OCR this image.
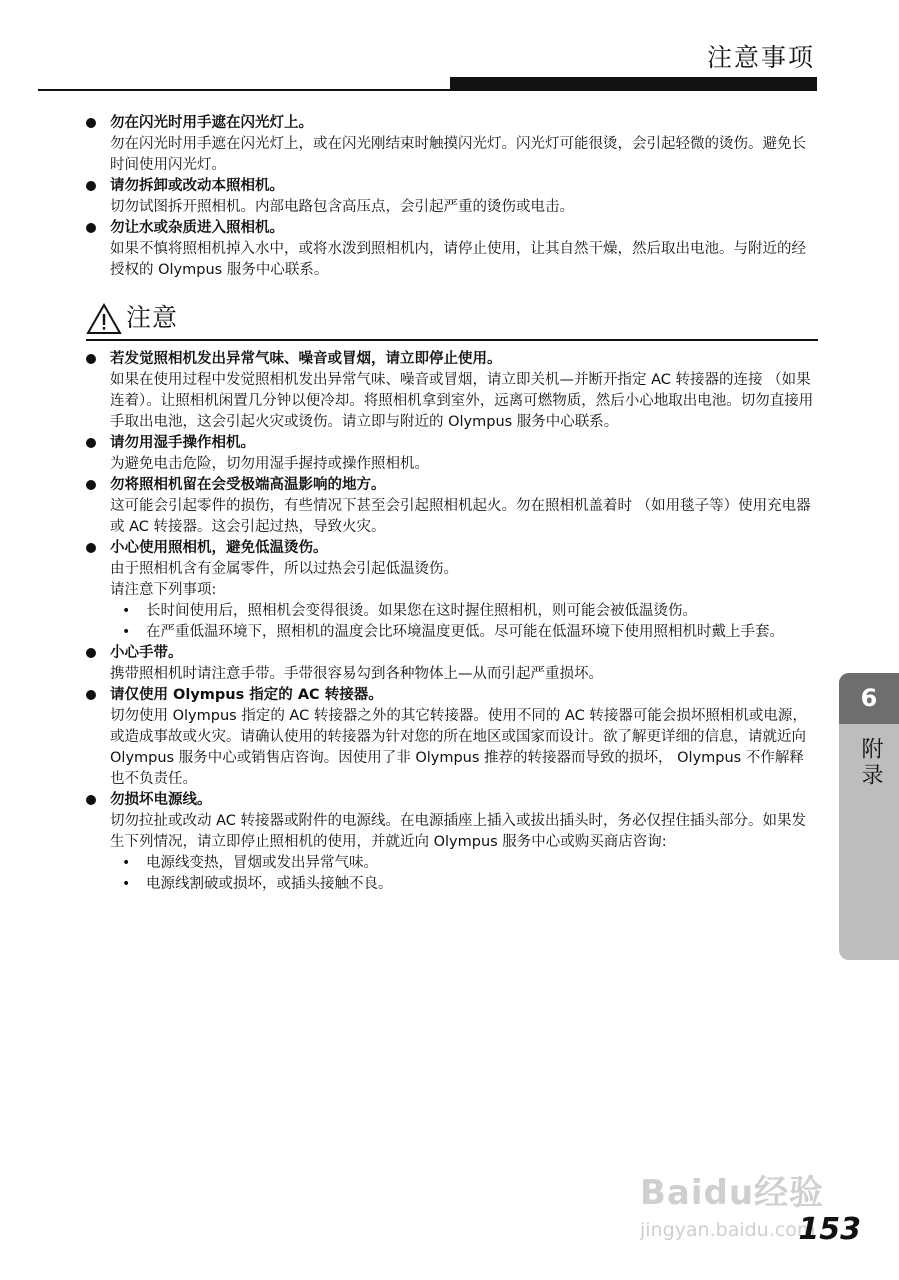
注意事项
勿在闪光时用手遮在闪光灯上。

勿在闪光时用手遮在闪光灯上，或在闪光刚结束时触摸闪光灯。闪光灯可能很烫，会引起轻微的烫伤。避免长时间使用闪光灯。

请勿拆卸或改动本照相机。

切勿试图拆开照相机。内部电路包含高压点，会引起严重的烫伤或电击。

勿让水或杂质进入照相机。

如果不慎将照相机掉入水中，或将水泼到照相机内，请停止使用，让其自然干燥，然后取出电池。与附近的经授权的 Olympus 服务中心联系。

注意
若发觉照相机发出异常气味、噪音或冒烟，请立即停止使用。

如果在使用过程中发觉照相机发出异常气味、噪音或冒烟，请立即关机—并断开指定 AC 转接器的连接 （如果连着）。让照相机闲置几分钟以便冷却。将照相机拿到室外，远离可燃物质，然后小心地取出电池。切勿直接用手取出电池，这会引起火灾或烫伤。请立即与附近的 Olympus 服务中心联系。

请勿用湿手操作相机。

为避免电击危险，切勿用湿手握持或操作照相机。

勿将照相机留在会受极端高温影响的地方。

这可能会引起零件的损伤，有些情况下甚至会引起照相机起火。勿在照相机盖着时 （如用毯子等）使用充电器或 AC 转接器。这会引起过热，导致火灾。

小心使用照相机，避免低温烫伤。

由于照相机含有金属零件，所以过热会引起低温烫伤。

请注意下列事项:

• 长时间使用后，照相机会变得很烫。如果您在这时握住照相机，则可能会被低温烫伤。
• 在严重低温环境下，照相机的温度会比环境温度更低。尽可能在低温环境下使用照相机时戴上手套。
小心手带。

携带照相机时请注意手带。手带很容易勾到各种物体上—从而引起严重损坏。

请仅使用 Olympus 指定的 AC 转接器。

切勿使用 Olympus 指定的 AC 转接器之外的其它转接器。使用不同的 AC 转接器可能会损坏照相机或电源，或造成事故或火灾。请确认使用的转接器为针对您的所在地区或国家而设计。欲了解更详细的信息，请就近向 Olympus 服务中心或销售店咨询。因使用了非 Olympus 推荐的转接器而导致的损坏， Olympus 不作解释也不负责任。

勿损坏电源线。

切勿拉扯或改动 AC 转接器或附件的电源线。在电源插座上插入或拔出插头时，务必仅捏住插头部分。如果发生下列情况，请立即停止照相机的使用，并就近向 Olympus 服务中心或购买商店咨询:

• 电源线变热，冒烟或发出异常气味。
• 电源线割破或损坏，或插头接触不良。
6
附录
Baidu经验
jingyan.baidu.com
153
